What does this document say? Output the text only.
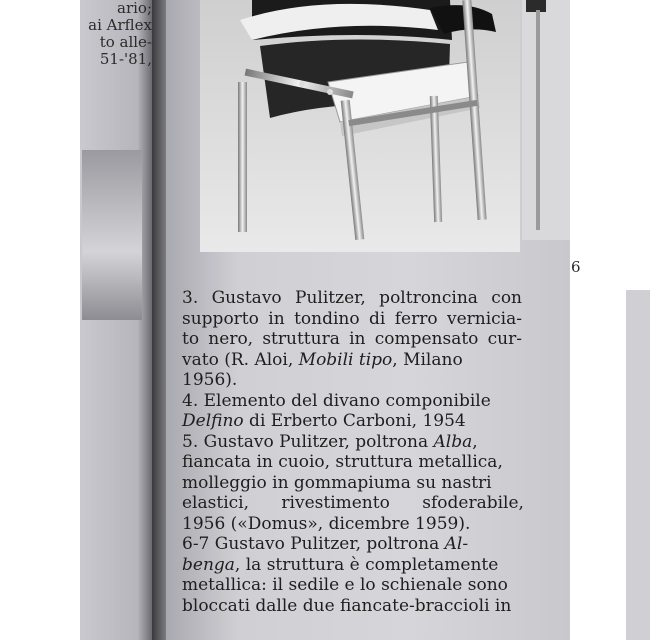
ario;
ai Arflex
to alle-
51-'81,
6
3. Gustavo Pulitzer, poltroncina con
supporto in tondino di ferro vernicia-
to nero, struttura in compensato cur-
vato (R. Aloi, Mobili tipo, Milano
1956).
4. Elemento del divano componibile
Delfino di Erberto Carboni, 1954
5. Gustavo Pulitzer, poltrona Alba,
fiancata in cuoio, struttura metallica,
molleggio in gommapiuma su nastri
elastici,      rivestimento      sfoderabile,
1956 («Domus», dicembre 1959).
6-7 Gustavo Pulitzer, poltrona Al-
benga, la struttura è completamente
metallica: il sedile e lo schienale sono
bloccati dalle due fiancate-braccioli in
